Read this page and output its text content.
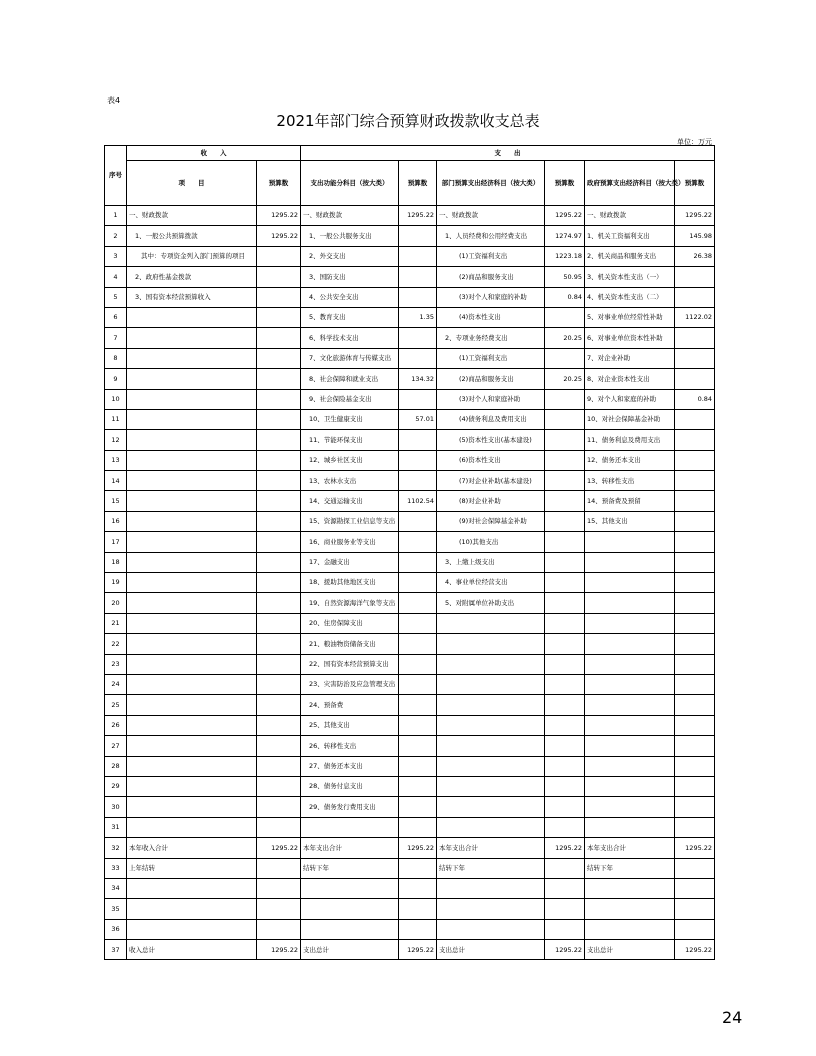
表4
2021年部门综合预算财政拨款收支总表
单位：万元
序号	收　　入		支　　出					
	项　　目	预算数	支出功能分科目（按大类）	预算数	部门预算支出经济科目（按大类）	预算数	政府预算支出经济科目（按大类）	预算数
1	一、财政拨款	1295.22	一、财政拨款	1295.22	一、财政拨款	1295.22	一、财政拨款	1295.22
2	1、一般公共预算拨款	1295.22	1、一般公共服务支出		1、人员经费和公用经费支出	1274.97	1、机关工资福利支出	145.98
3	其中：专项资金列入部门预算的项目		2、外交支出		(1)工资福利支出	1223.18	2、机关商品和服务支出	26.38
4	2、政府性基金拨款		3、国防支出		(2)商品和服务支出	50.95	3、机关资本性支出（一）	
5	3、国有资本经营预算收入		4、公共安全支出		(3)对个人和家庭的补助	0.84	4、机关资本性支出（二）	
6			5、教育支出	1.35	(4)资本性支出		5、对事业单位经常性补助	1122.02
7			6、科学技术支出		2、专项业务经费支出	20.25	6、对事业单位资本性补助	
8			7、文化旅游体育与传媒支出		(1)工资福利支出		7、对企业补助	
9			8、社会保障和就业支出	134.32	(2)商品和服务支出	20.25	8、对企业资本性支出	
10			9、社会保险基金支出		(3)对个人和家庭补助		9、对个人和家庭的补助	0.84
11			10、卫生健康支出	57.01	(4)债务利息及费用支出		10、对社会保障基金补助	
12			11、节能环保支出		(5)资本性支出(基本建设)		11、债务利息及费用支出	
13			12、城乡社区支出		(6)资本性支出		12、债务还本支出	
14			13、农林水支出		(7)对企业补助(基本建设)		13、转移性支出	
15			14、交通运输支出	1102.54	(8)对企业补助		14、预备费及预留	
16			15、资源勘探工业信息等支出		(9)对社会保障基金补助		15、其他支出	
17			16、商业服务业等支出		(10)其他支出			
18			17、金融支出		3、上缴上级支出			
19			18、援助其他地区支出		4、事业单位经营支出			
20			19、自然资源海洋气象等支出		5、对附属单位补助支出			
21			20、住房保障支出					
22			21、粮油物资储备支出					
23			22、国有资本经营预算支出					
24			23、灾害防治及应急管理支出					
25			24、预备费					
26			25、其他支出					
27			26、转移性支出					
28			27、债务还本支出					
29			28、债务付息支出					
30			29、债务发行费用支出					
31								
32	本年收入合计	1295.22	本年支出合计	1295.22	本年支出合计	1295.22	本年支出合计	1295.22
33	上年结转		结转下年		结转下年		结转下年	
34								
35								
36								
37	收入总计	1295.22	支出总计	1295.22	支出总计	1295.22	支出总计	1295.22
24
